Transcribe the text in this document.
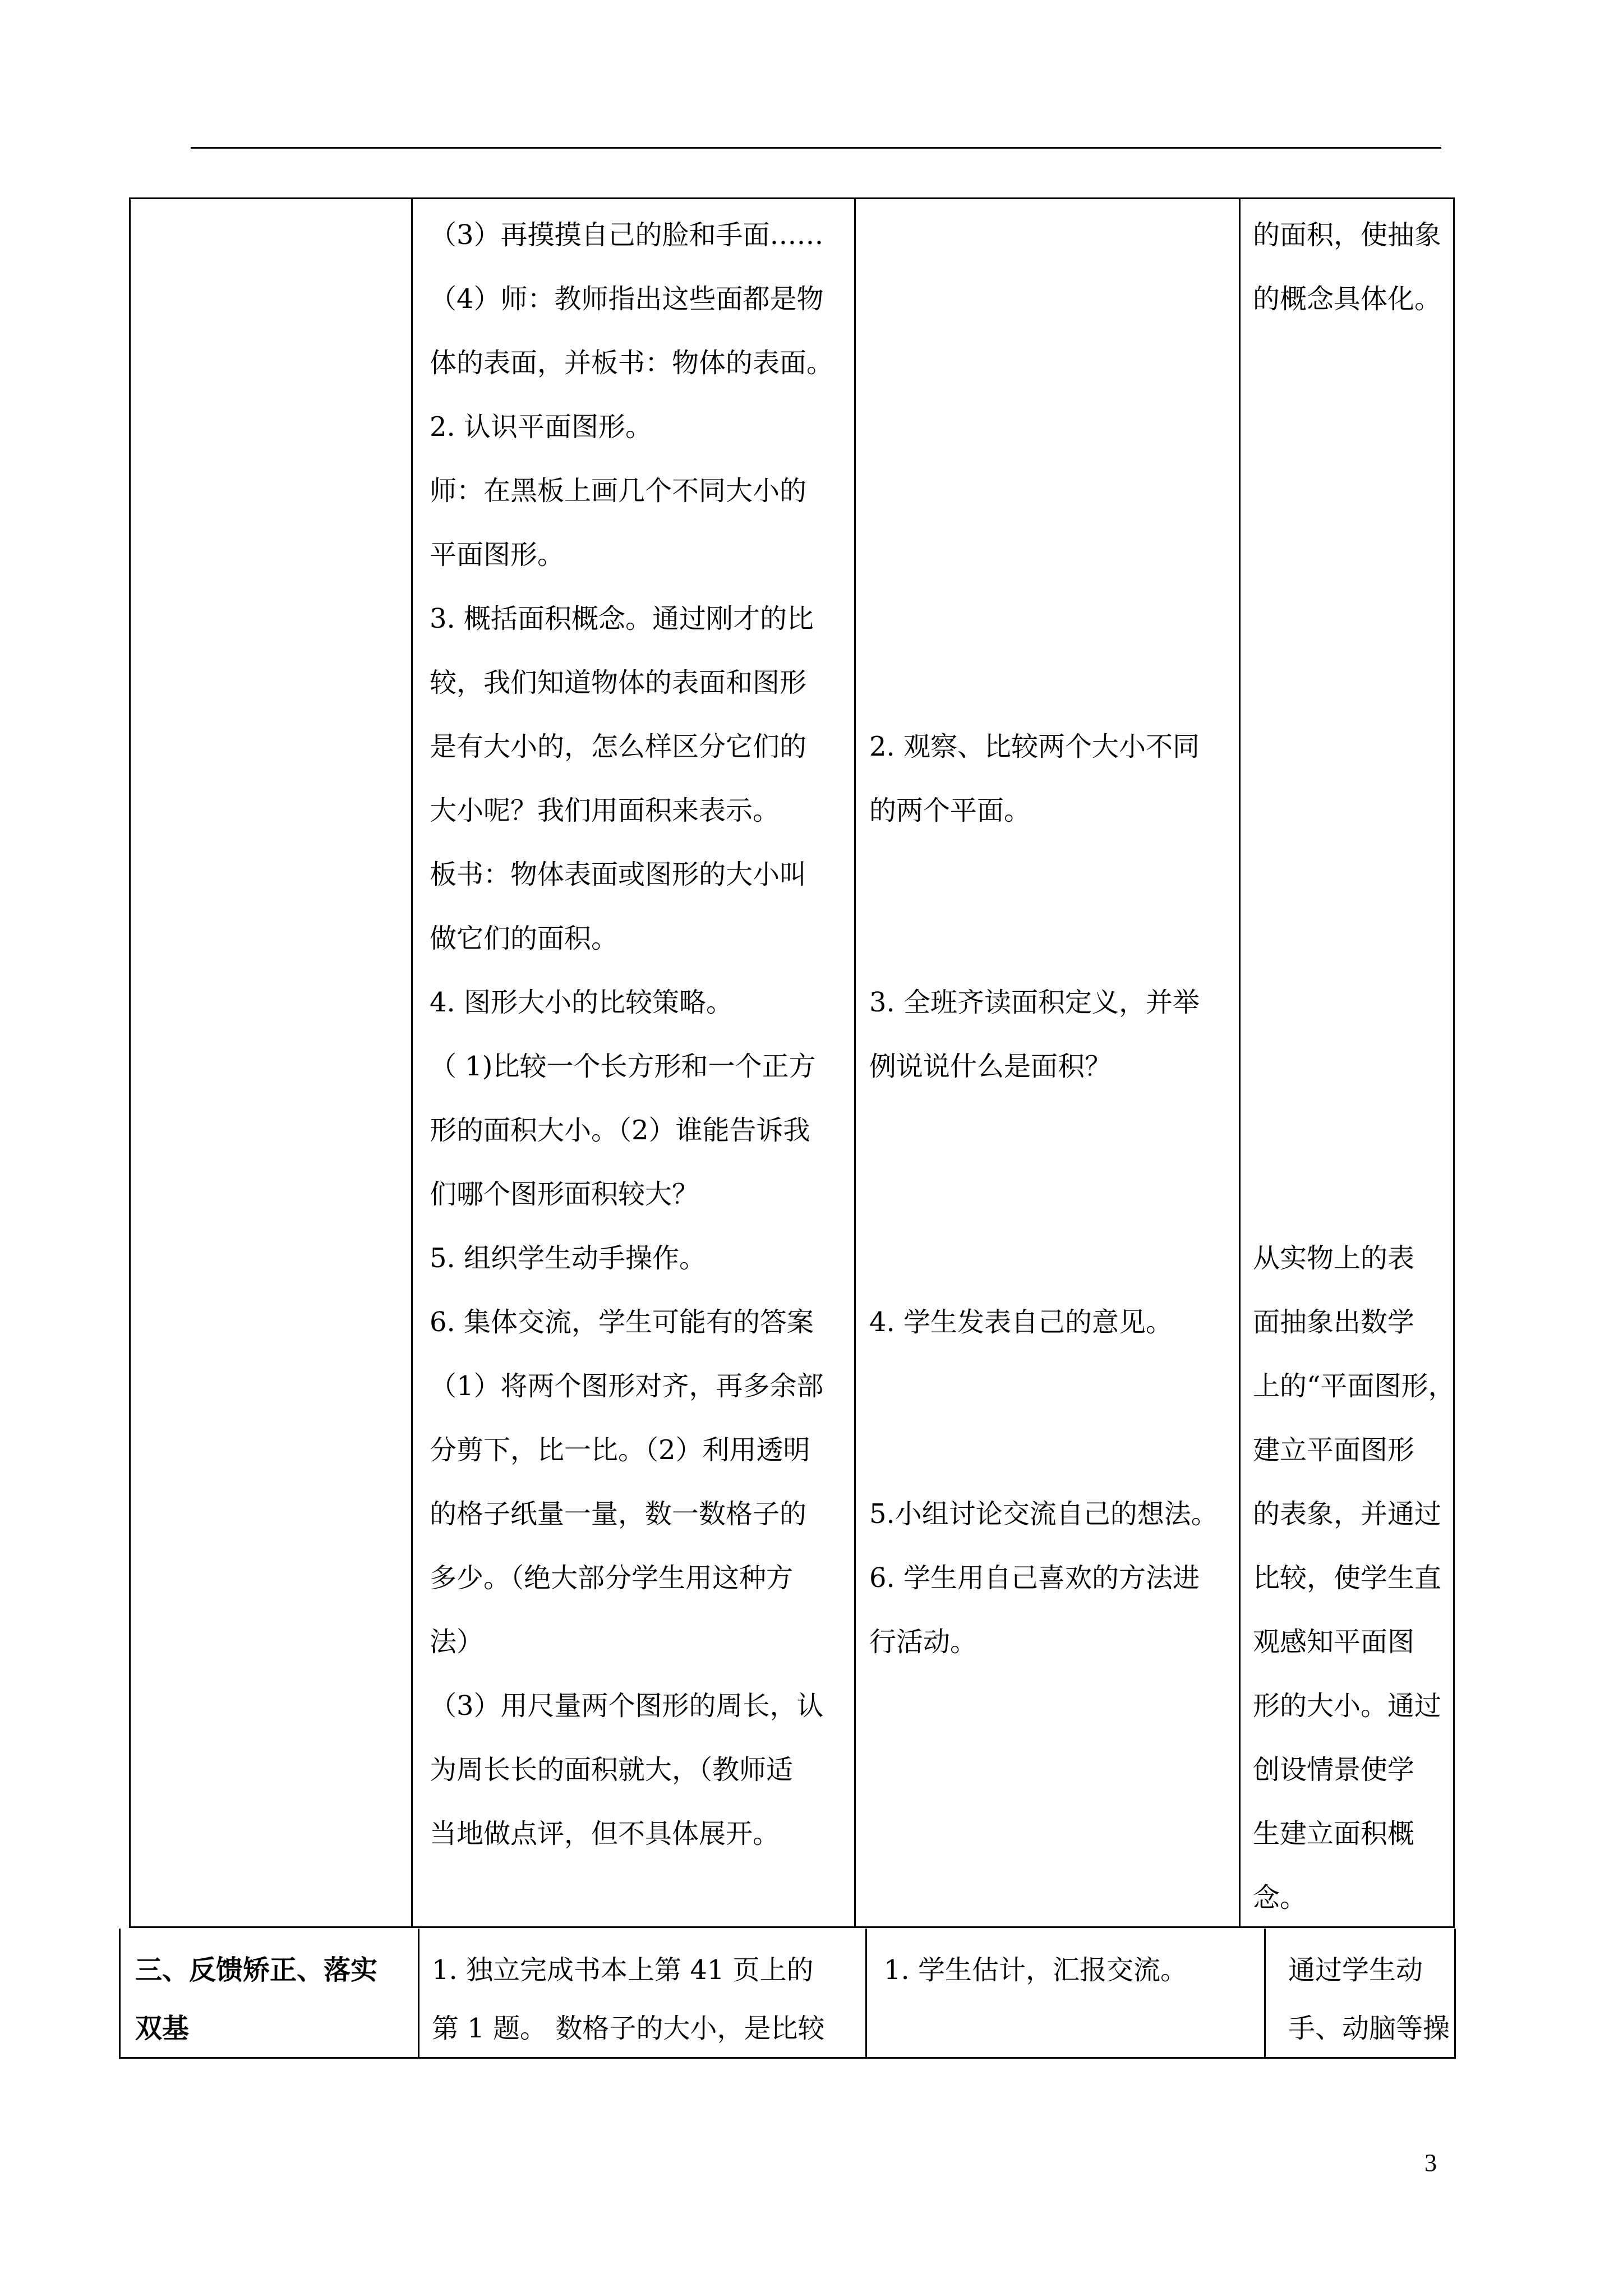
（3）再摸摸自己的脸和手面……
（4）师：教师指出这些面都是物
体的表面，并板书：物体的表面。
2. 认识平面图形。
师：在黑板上画几个不同大小的
平面图形。
3. 概括面积概念。通过刚才的比
较，我们知道物体的表面和图形
是有大小的，怎么样区分它们的
大小呢？我们用面积来表示。
板书：物体表面或图形的大小叫
做它们的面积。
4. 图形大小的比较策略。
（ 1)比较一个长方形和一个正方
形的面积大小。（2）谁能告诉我
们哪个图形面积较大？
5. 组织学生动手操作。
6. 集体交流，学生可能有的答案
（1）将两个图形对齐，再多余部
分剪下，比一比。（2）利用透明
的格子纸量一量，数一数格子的
多少。（绝大部分学生用这种方
法）
（3）用尺量两个图形的周长，认
为周长长的面积就大，（教师适
当地做点评，但不具体展开。
2. 观察、比较两个大小不同
的两个平面。
3. 全班齐读面积定义，并举
例说说什么是面积？
4. 学生发表自己的意见。
5.小组讨论交流自己的想法。
6. 学生用自己喜欢的方法进
行活动。
的面积，使抽象
的概念具体化。
从实物上的表
面抽象出数学
上的“平面图形，
建立平面图形
的表象，并通过
比较，使学生直
观感知平面图
形的大小。通过
创设情景使学
生建立面积概
念。
三、反馈矫正、落实
双基
1. 独立完成书本上第 41 页上的
第 1 题。 数格子的大小，是比较
1. 学生估计，汇报交流。	通过学生动
手、动脑等操
3
